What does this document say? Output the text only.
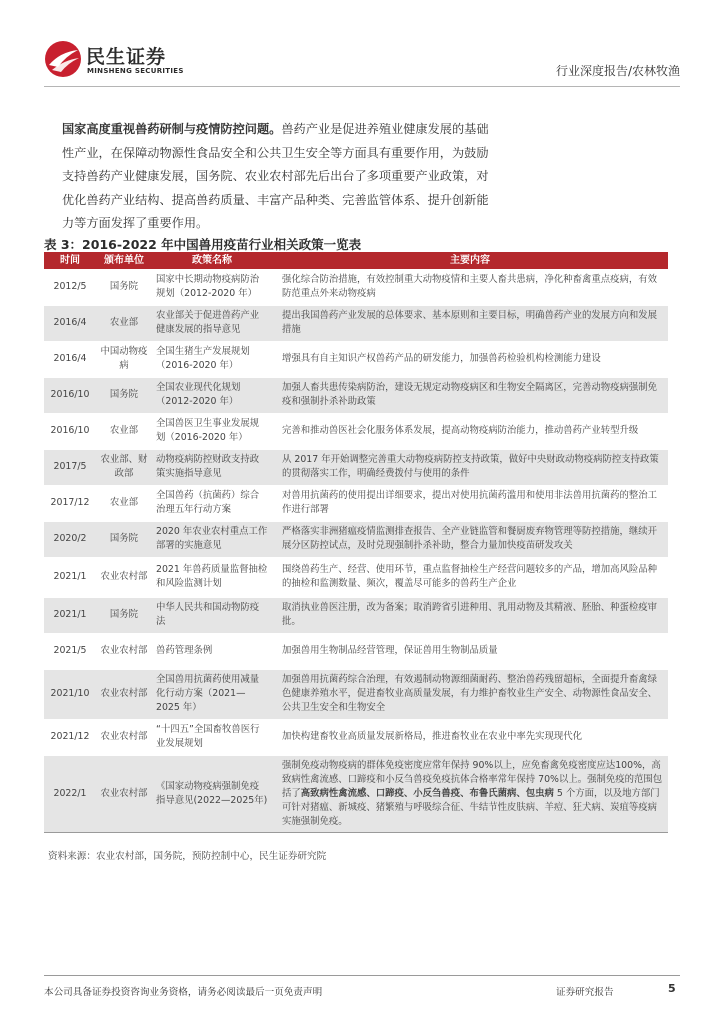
民生证券
MINSHENG SECURITIES	行业深度报告/农林牧渔
国家高度重视兽药研制与疫情防控问题。兽药产业是促进养殖业健康发展的基础性产业，在保障动物源性食品安全和公共卫生安全等方面具有重要作用，为鼓励支持兽药产业健康发展，国务院、农业农村部先后出台了多项重要产业政策，对优化兽药产业结构、提高兽药质量、丰富产品种类、完善监管体系、提升创新能力等方面发挥了重要作用。
表 3：2016-2022 年中国兽用疫苗行业相关政策一览表
时间	颁布单位	政策名称	主要内容
2012/5	国务院	国家中长期动物疫病防治规划（2012-2020 年）	强化综合防治措施，有效控制重大动物疫情和主要人畜共患病，净化种畜禽重点疫病，有效防范重点外来动物疫病
2016/4	农业部	农业部关于促进兽药产业健康发展的指导意见	提出我国兽药产业发展的总体要求、基本原则和主要目标，明确兽药产业的发展方向和发展措施
2016/4	中国动物疫病	全国生猪生产发展规划（2016-2020 年）	增强具有自主知识产权兽药产品的研发能力，加强兽药检验机构检测能力建设
2016/10	国务院	全国农业现代化规划（2012-2020 年）	加强人畜共患传染病防治，建设无规定动物疫病区和生物安全隔离区，完善动物疫病强制免疫和强制扑杀补助政策
2016/10	农业部	全国兽医卫生事业发展规划（2016-2020 年）	完善和推动兽医社会化服务体系发展，提高动物疫病防治能力，推动兽药产业转型升级
2017/5	农业部、财政部	动物疫病防控财政支持政策实施指导意见	从 2017 年开始调整完善重大动物疫病防控支持政策，做好中央财政动物疫病防控支持政策的贯彻落实工作，明确经费拨付与使用的条件
2017/12	农业部	全国兽药（抗菌药）综合治理五年行动方案	对兽用抗菌药的使用提出详细要求，提出对使用抗菌药滥用和使用非法兽用抗菌药的整治工作进行部署
2020/2	国务院	2020 年农业农村重点工作部署的实施意见	严格落实非洲猪瘟疫情监测排查报告、全产业链监管和餐厨废弃物管理等防控措施，继续开展分区防控试点，及时兑现强制扑杀补助，整合力量加快疫苗研发攻关
2021/1	农业农村部	2021 年兽药质量监督抽检和风险监测计划	围绕兽药生产、经营、使用环节，重点监督抽检生产经营问题较多的产品，增加高风险品种的抽检和监测数量、频次，覆盖尽可能多的兽药生产企业
2021/1	国务院	中华人民共和国动物防疫法	取消执业兽医注册，改为备案；取消跨省引进种用、乳用动物及其精液、胚胎、种蛋检疫审批。
2021/5	农业农村部	兽药管理条例	加强兽用生物制品经营管理，保证兽用生物制品质量
2021/10	农业农村部	全国兽用抗菌药使用减量化行动方案（2021—2025 年）	加强兽用抗菌药综合治理，有效遏制动物源细菌耐药、整治兽药残留超标，全面提升畜禽绿色健康养殖水平，促进畜牧业高质量发展，有力维护畜牧业生产安全、动物源性食品安全、公共卫生安全和生物安全
2021/12	农业农村部	“十四五”全国畜牧兽医行业发展规划	加快构建畜牧业高质量发展新格局，推进畜牧业在农业中率先实现现代化
2022/1	农业农村部	《国家动物疫病强制免疫指导意见(2022—2025年)	强制免疫动物疫病的群体免疫密度应常年保持 90%以上，应免畜禽免疫密度应达100%，高致病性禽流感、口蹄疫和小反刍兽疫免疫抗体合格率常年保持 70%以上。强制免疫的范围包括了高致病性禽流感、口蹄疫、小反刍兽疫、布鲁氏菌病、包虫病 5 个方面，以及地方部门可针对猪瘟、新城疫、猪繁殖与呼吸综合征、牛结节性皮肤病、羊痘、狂犬病、炭疽等疫病实施强制免疫。
资料来源：农业农村部，国务院，预防控制中心，民生证券研究院
本公司具备证券投资咨询业务资格，请务必阅读最后一页免责声明	证券研究报告	5
